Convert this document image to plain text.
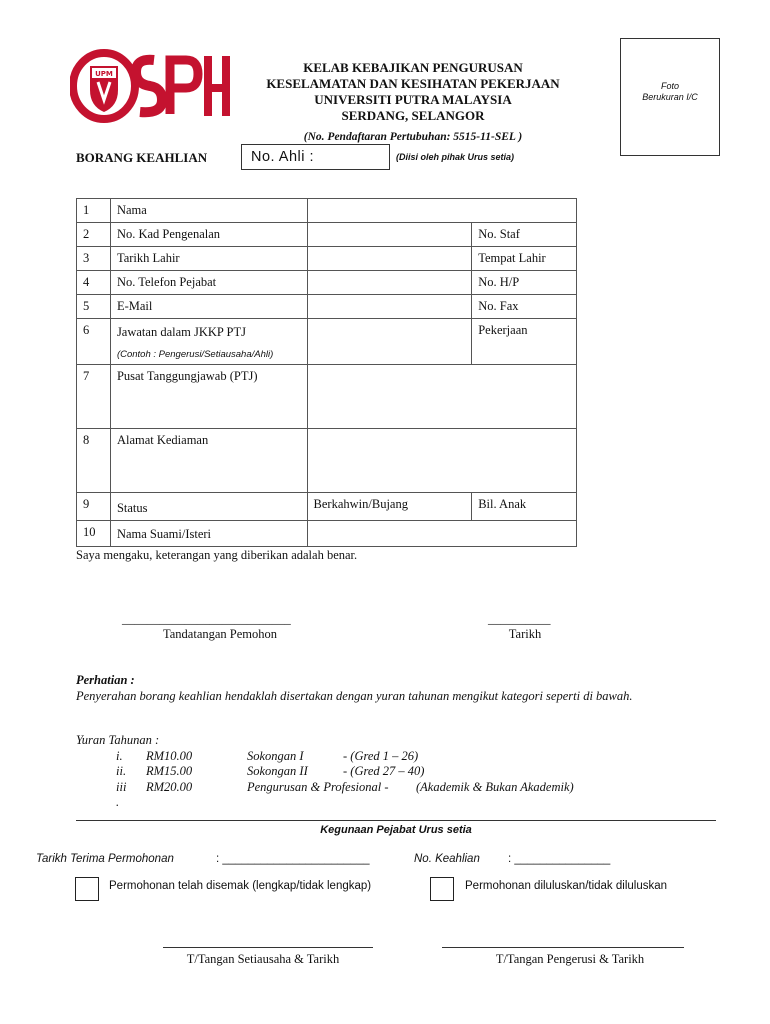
UPM	KELAB KEBAJIKAN PENGURUSAN
KESELAMATAN DAN KESIHATAN PEKERJAAN
UNIVERSITI PUTRA MALAYSIA
SERDANG, SELANGOR
(No. Pendaftaran Pertubuhan: 5515-11-SEL )
Foto
Berukuran I/C
BORANG KEAHLIAN	No. Ahli :	(Diisi oleh pihak Urus setia)
1	Nama		
2	No. Kad Pengenalan		No. Staf
3	Tarikh Lahir		Tempat Lahir
4	No. Telefon Pejabat		No. H/P
5	E-Mail		No. Fax
6	Jawatan dalam JKKP PTJ
(Contoh : Pengerusi/Setiausaha/Ahli)		Pekerjaan
7	Pusat Tanggungjawab (PTJ)		
8	Alamat Kediaman		
9	Status	Berkahwin/Bujang	Bil. Anak
10	Nama Suami/Isteri		
Saya mengaku, keterangan yang diberikan adalah benar.
___________________________
Tandatangan Pemohon
__________
Tarikh
Perhatian :
Penyerahan borang keahlian hendaklah disertakan dengan yuran tahunan mengikut kategori seperti di bawah.
Yuran Tahunan :
i. RM10.00	Sokongan I	- (Gred 1 – 26)
ii. RM15.00	Sokongan II	- (Gred 27 – 40)
iii RM20.00	Pengurusan & Profesional - (Akademik & Bukan Akademik)
.
Kegunaan Pejabat Urus setia
Tarikh Terima Permohonan	: _______________________	No. Keahlian : _______________
Permohonan telah disemak (lengkap/tidak lengkap)	Permohonan diluluskan/tidak diluluskan
T/Tangan Setiausaha & Tarikh	T/Tangan Pengerusi & Tarikh
